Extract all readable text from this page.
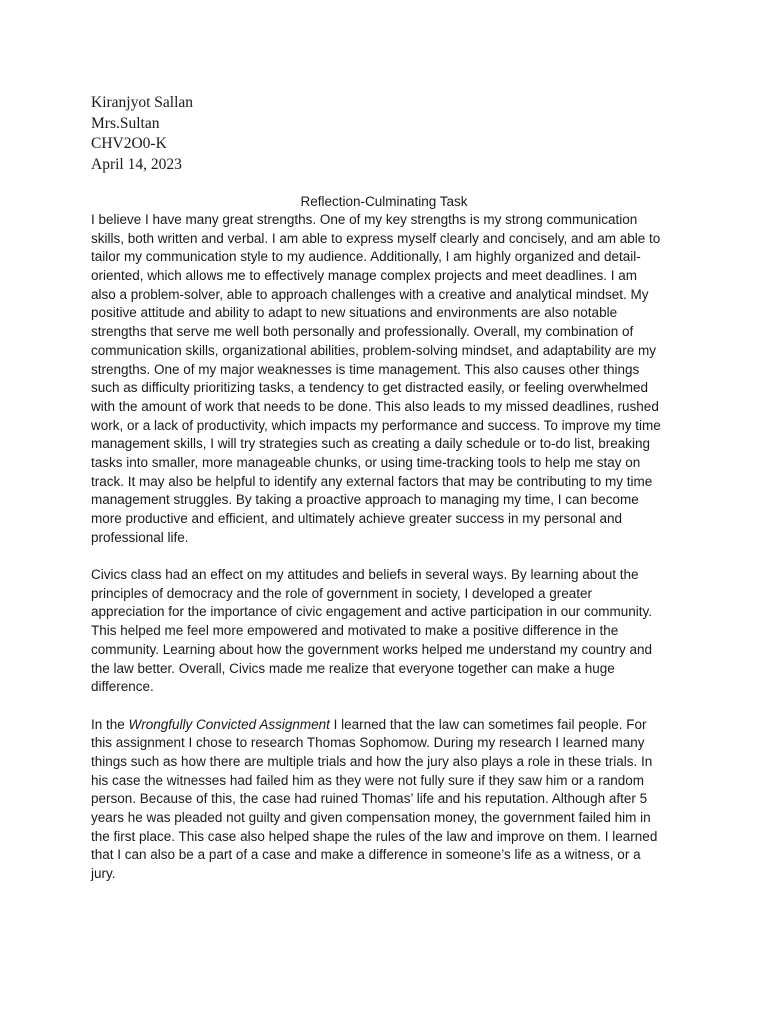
Kiranjyot Sallan
Mrs.Sultan
CHV2O0-K
April 14, 2023
Reflection-Culminating Task
I believe I have many great strengths. One of my key strengths is my strong communication
skills, both written and verbal. I am able to express myself clearly and concisely, and am able to
tailor my communication style to my audience. Additionally, I am highly organized and detail-
oriented, which allows me to effectively manage complex projects and meet deadlines. I am
also a problem-solver, able to approach challenges with a creative and analytical mindset. My
positive attitude and ability to adapt to new situations and environments are also notable
strengths that serve me well both personally and professionally. Overall, my combination of
communication skills, organizational abilities, problem-solving mindset, and adaptability are my
strengths. One of my major weaknesses is time management. This also causes other things
such as difficulty prioritizing tasks, a tendency to get distracted easily, or feeling overwhelmed
with the amount of work that needs to be done. This also leads to my missed deadlines, rushed
work, or a lack of productivity, which impacts my performance and success. To improve my time
management skills, I will try strategies such as creating a daily schedule or to-do list, breaking
tasks into smaller, more manageable chunks, or using time-tracking tools to help me stay on
track. It may also be helpful to identify any external factors that may be contributing to my time
management struggles. By taking a proactive approach to managing my time, I can become
more productive and efficient, and ultimately achieve greater success in my personal and
professional life.
Civics class had an effect on my attitudes and beliefs in several ways. By learning about the
principles of democracy and the role of government in society, I developed a greater
appreciation for the importance of civic engagement and active participation in our community.
This helped me feel more empowered and motivated to make a positive difference in the
community. Learning about how the government works helped me understand my country and
the law better. Overall, Civics made me realize that everyone together can make a huge
difference.
In the Wrongfully Convicted Assignment I learned that the law can sometimes fail people. For
this assignment I chose to research Thomas Sophomow. During my research I learned many
things such as how there are multiple trials and how the jury also plays a role in these trials. In
his case the witnesses had failed him as they were not fully sure if they saw him or a random
person. Because of this, the case had ruined Thomas’ life and his reputation. Although after 5
years he was pleaded not guilty and given compensation money, the government failed him in
the first place. This case also helped shape the rules of the law and improve on them. I learned
that I can also be a part of a case and make a difference in someone’s life as a witness, or a
jury.
